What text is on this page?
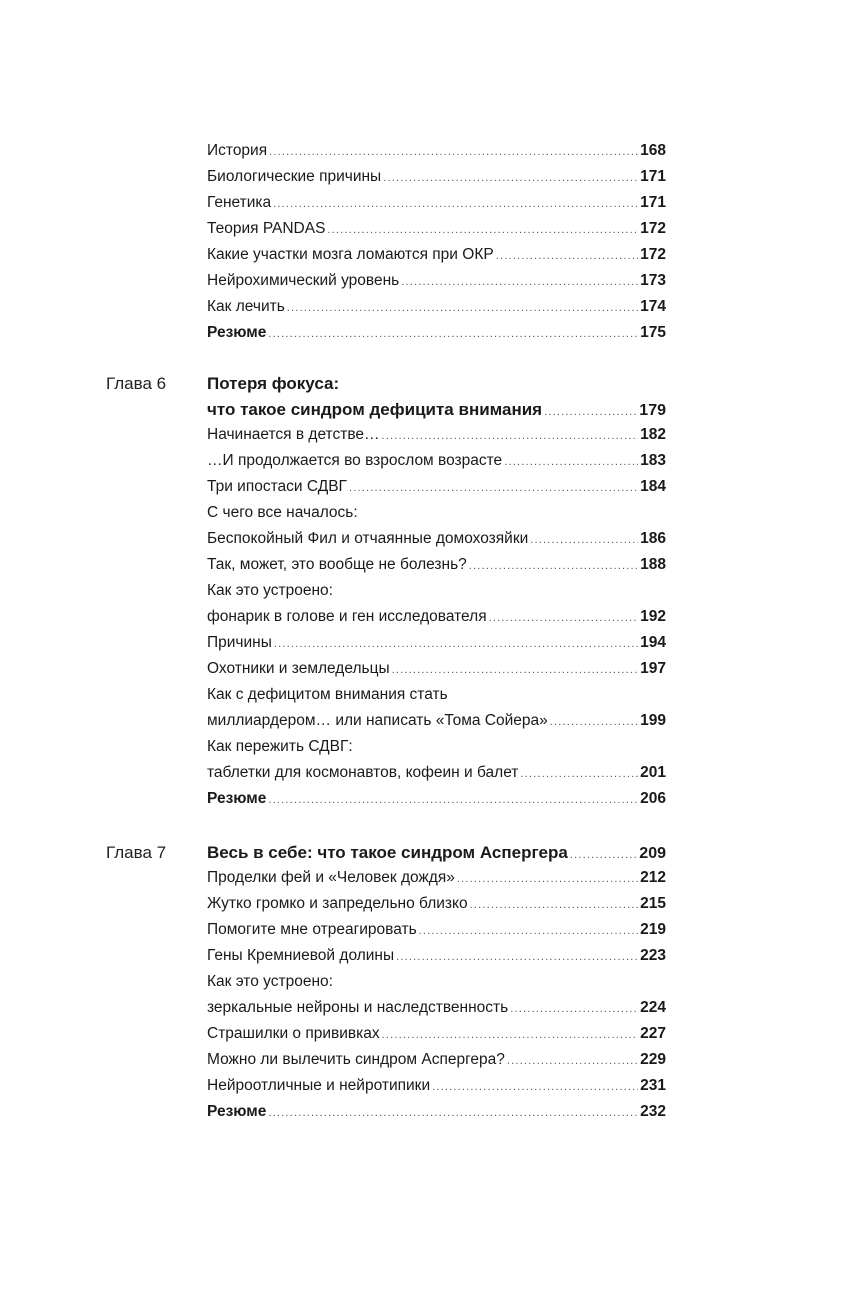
История .....	168
Биологические причины .....	171
Генетика .....	171
Теория PANDAS .....	172
Какие участки мозга ломаются при ОКР .....	172
Нейрохимический уровень .....	173
Как лечить .....	174
Резюме .....	175
Глава 6	Потеря фокуса:
что такое синдром дефицита внимания .....	179
Начинается в детстве… .....	182
…И продолжается во взрослом возрасте .....	183
Три ипостаси СДВГ .....	184
С чего все началось:
Беспокойный Фил и отчаянные домохозяйки .....	186
Так, может, это вообще не болезнь? .....	188
Как это устроено:
фонарик в голове и ген исследователя .....	192
Причины .....	194
Охотники и земледельцы .....	197
Как с дефицитом внимания стать
миллиардером… или написать «Тома Сойера» .....	199
Как пережить СДВГ:
таблетки для космонавтов, кофеин и балет .....	201
Резюме .....	206
Глава 7	Весь в себе: что такое синдром Аспергера .....	209
Проделки фей и «Человек дождя» .....	212
Жутко громко и запредельно близко .....	215
Помогите мне отреагировать .....	219
Гены Кремниевой долины .....	223
Как это устроено:
зеркальные нейроны и наследственность .....	224
Страшилки о прививках .....	227
Можно ли вылечить синдром Аспергера? .....	229
Нейроотличные и нейротипики .....	231
Резюме .....	232
